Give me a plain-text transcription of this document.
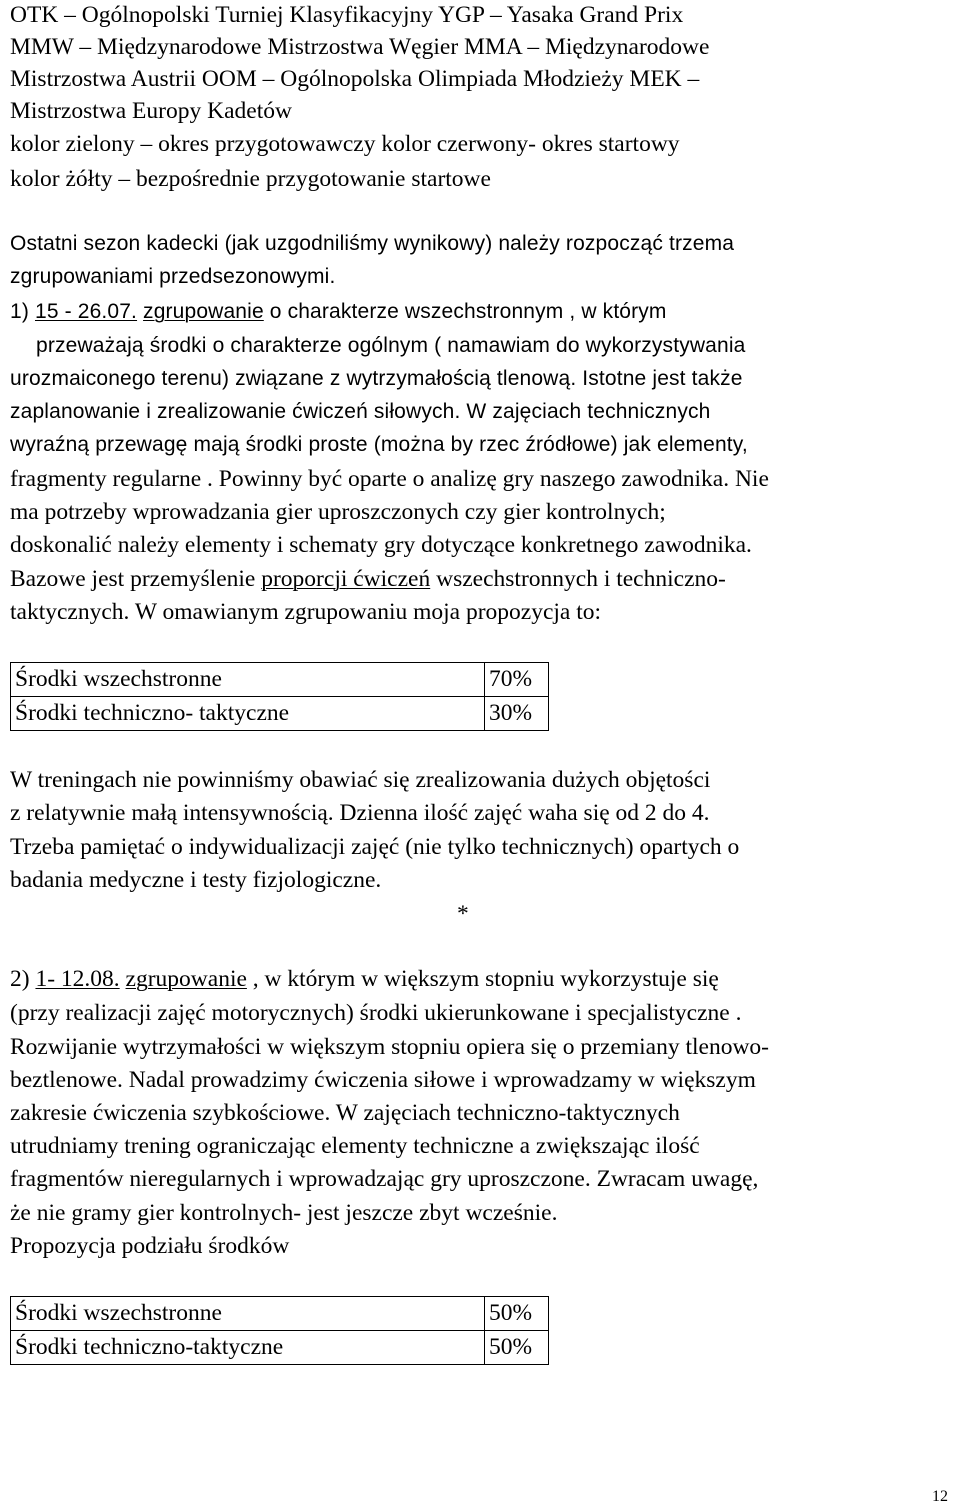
OTK – Ogólnopolski Turniej Klasyfikacyjny YGP – Yasaka Grand Prix
MMW – Międzynarodowe Mistrzostwa Węgier MMA – Międzynarodowe
Mistrzostwa Austrii OOM – Ogólnopolska Olimpiada Młodzieży MEK –
Mistrzostwa Europy Kadetów
kolor zielony – okres przygotowawczy kolor czerwony- okres startowy
kolor żółty – bezpośrednie przygotowanie startowe
Ostatni sezon kadecki (jak uzgodniliśmy wynikowy) należy rozpocząć trzema
zgrupowaniami przedsezonowymi.
1) 15 - 26.07. zgrupowanie o charakterze wszechstronnym , w którym
przeważają środki o charakterze ogólnym ( namawiam do wykorzystywania
urozmaiconego terenu) związane z wytrzymałością tlenową. Istotne jest także
zaplanowanie i zrealizowanie ćwiczeń siłowych. W zajęciach technicznych
wyraźną przewagę mają środki proste (można by rzec źródłowe) jak elementy,
fragmenty regularne . Powinny być oparte o analizę gry naszego zawodnika. Nie
ma potrzeby wprowadzania gier uproszczonych czy gier kontrolnych;
doskonalić należy elementy i schematy gry dotyczące konkretnego zawodnika.
Bazowe jest przemyślenie proporcji ćwiczeń wszechstronnych i techniczno-
taktycznych. W omawianym zgrupowaniu moja propozycja to:
Środki wszechstronne	70%
Środki techniczno- taktyczne	30%
W treningach nie powinniśmy obawiać się zrealizowania dużych objętości
z relatywnie małą intensywnością. Dzienna ilość zajęć waha się od 2 do 4.
Trzeba pamiętać o indywidualizacji zajęć (nie tylko technicznych) opartych o
badania medyczne i testy fizjologiczne.
*
2) 1- 12.08. zgrupowanie , w którym w większym stopniu wykorzystuje się
(przy realizacji zajęć motorycznych) środki ukierunkowane i specjalistyczne .
Rozwijanie wytrzymałości w większym stopniu opiera się o przemiany tlenowo-
beztlenowe. Nadal prowadzimy ćwiczenia siłowe i wprowadzamy w większym
zakresie ćwiczenia szybkościowe. W zajęciach techniczno-taktycznych
utrudniamy trening ograniczając elementy techniczne a zwiększając ilość
fragmentów nieregularnych i wprowadzając gry uproszczone. Zwracam uwagę,
że nie gramy gier kontrolnych- jest jeszcze zbyt wcześnie.
Propozycja podziału środków
Środki wszechstronne	50%
Środki techniczno-taktyczne	50%
12
